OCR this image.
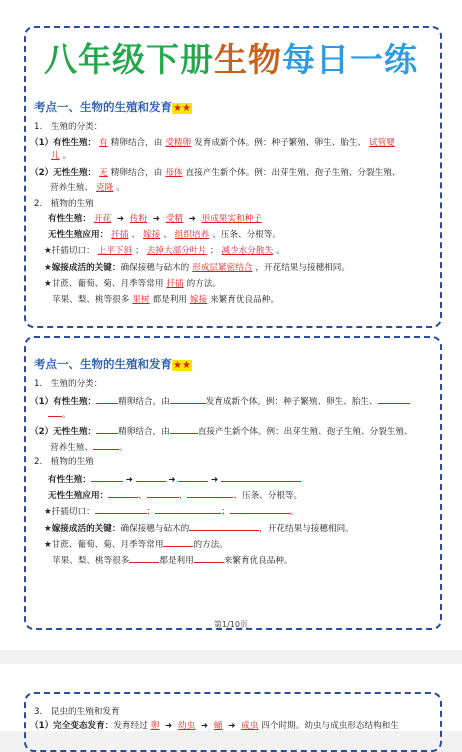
八年级下册生物每日一练
考点一、生物的生殖和发育★★
1.　生殖的分类：
（1）有性生殖： 有 精卵结合，由 受精卵 发育成新个体。例：种子繁殖、卵生、胎生、 试管婴
儿 。
（2）无性生殖： 无 精卵结合，由 母体 直接产生新个体。例：出芽生殖、孢子生殖、分裂生殖、
营养生殖、 克隆 。
2.　植物的生殖
有性生殖： 开花 ➜ 传粉 ➜ 受精 ➜ 形成果实和种子
无性生殖应用： 扦插 、 嫁接 、 组织培养 、压条、分根等。
★扦插切口： 上平下斜 ； 去掉大部分叶片 ； 减少水分散失 。
★嫁接成活的关键：确保接穗与砧木的 形成层紧密结合 ，开花结果与接穗相同。
★甘蔗、葡萄、菊、月季等常用 扦插 的方法。
苹果、梨、桃等很多 果树 都是利用 嫁接 来繁育优良品种。
考点一、生物的生殖和发育★★
1.　生殖的分类：
（1）有性生殖：	精卵结合，由	发育成新个体。例：种子繁殖、卵生、胎生、
。
（2）无性生殖：	精卵结合，由	直接产生新个体。例：出芽生殖、孢子生殖、分裂生殖、
营养生殖、	。
2.　植物的生殖
有性生殖：	➜	➜	➜
无性生殖应用：	、	、	、压条、分根等。
★扦插切口：	；	；	。
★嫁接成活的关键：确保接穗与砧木的	，开花结果与接穗相同。
★甘蔗、葡萄、菊、月季等常用	的方法。
苹果、梨、桃等很多	都是利用	来繁育优良品种。
第1/10页
3.　昆虫的生殖和发育
（1）完全变态发育：发育经过 卵 ➜ 幼虫 ➜ 蛹 ➜ 成虫 四个时期。幼虫与成虫形态结构和生
